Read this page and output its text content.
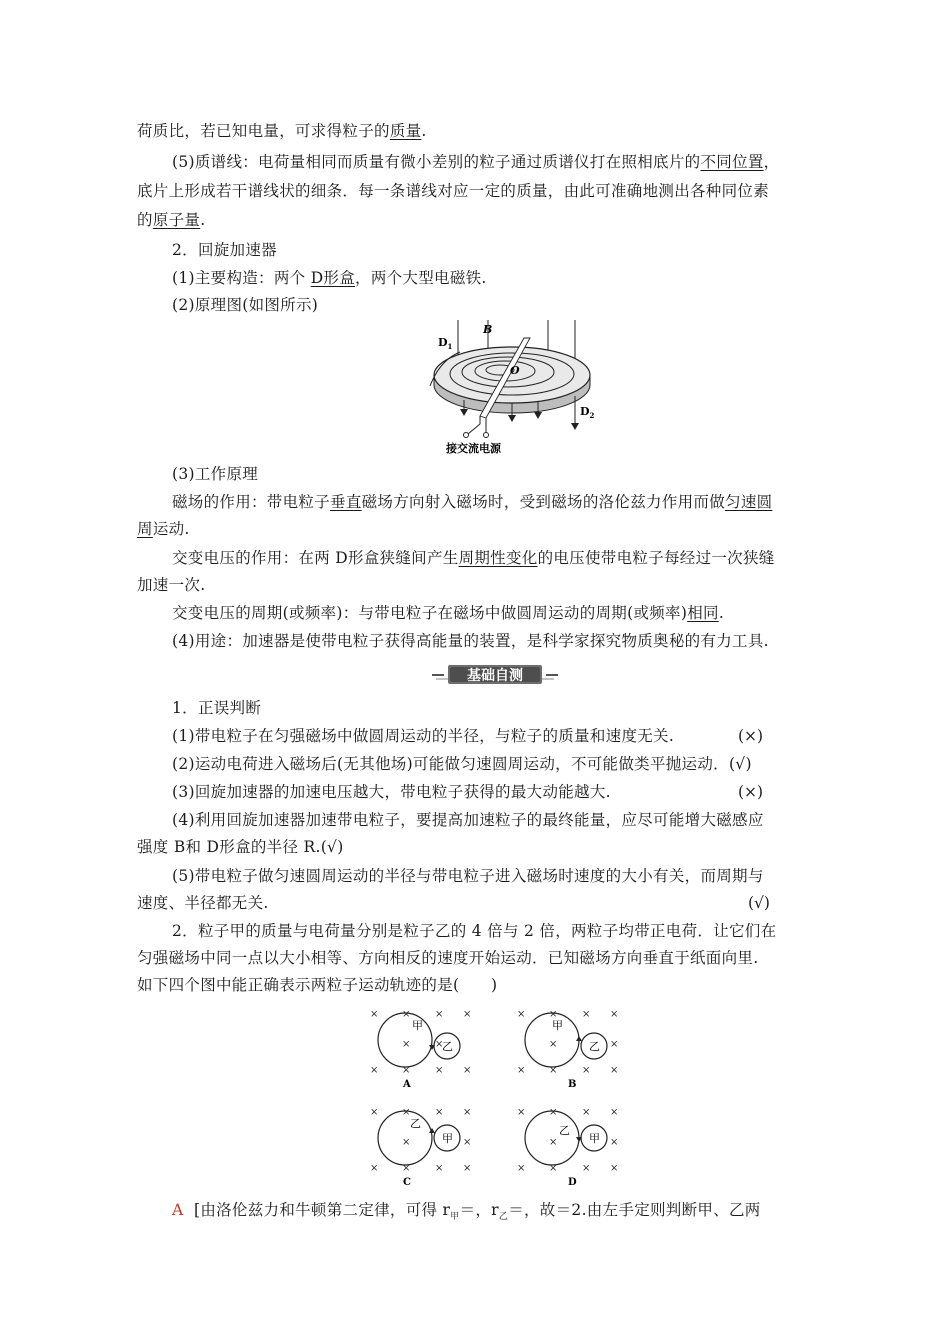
荷质比，若已知电量，可求得粒子的质量.
(5)质谱线：电荷量相同而质量有微小差别的粒子通过质谱仪打在照相底片的不同位置，
底片上形成若干谱线状的细条．每一条谱线对应一定的质量，由此可准确地测出各种同位素
的原子量.
2．回旋加速器
(1)主要构造：两个 D形盒，两个大型电磁铁.
(2)原理图(如图所示)
B
$D_1$
$D_2$
O
接交流电源
(3)工作原理
磁场的作用：带电粒子垂直磁场方向射入磁场时，受到磁场的洛伦兹力作用而做匀速圆
周运动.
交变电压的作用：在两 D形盒狭缝间产生周期性变化的电压使带电粒子每经过一次狭缝
加速一次.
交变电压的周期(或频率)：与带电粒子在磁场中做圆周运动的周期(或频率)相同.
(4)用途：加速器是使带电粒子获得高能量的装置，是科学家探究物质奥秘的有力工具.
基础自测
1．正误判断
(1)带电粒子在匀强磁场中做圆周运动的半径，与粒子的质量和速度无关.	(×)
(2)运动电荷进入磁场后(无其他场)可能做匀速圆周运动，不可能做类平抛运动．(√)
(3)回旋加速器的加速电压越大，带电粒子获得的最大动能越大.	(×)
(4)利用回旋加速器加速带电粒子，要提高加速粒子的最终能量，应尽可能增大磁感应
强度 B和 D形盒的半径 R.(√)
(5)带电粒子做匀速圆周运动的半径与带电粒子进入磁场时速度的大小有关，而周期与
速度、半径都无关.	(√)
2．粒子甲的质量与电荷量分别是粒子乙的 4 倍与 2 倍，两粒子均带正电荷．让它们在
匀强磁场中同一点以大小相等、方向相反的速度开始运动．已知磁场方向垂直于纸面向里.
如下四个图中能正确表示两粒子运动轨迹的是(　　)
× × × ×
× ×
× × × ×
甲
乙
A
× × × ×
×	×
× × × ×
甲
乙
B
× × × ×
×	×
× × × ×
乙
甲
C
× × × ×
×	×
× × × ×
乙
甲
D
A [由洛伦兹力和牛顿第二定律，可得 $r_甲=$，$r_乙=$，故＝2.由左手定则判断甲、乙两
